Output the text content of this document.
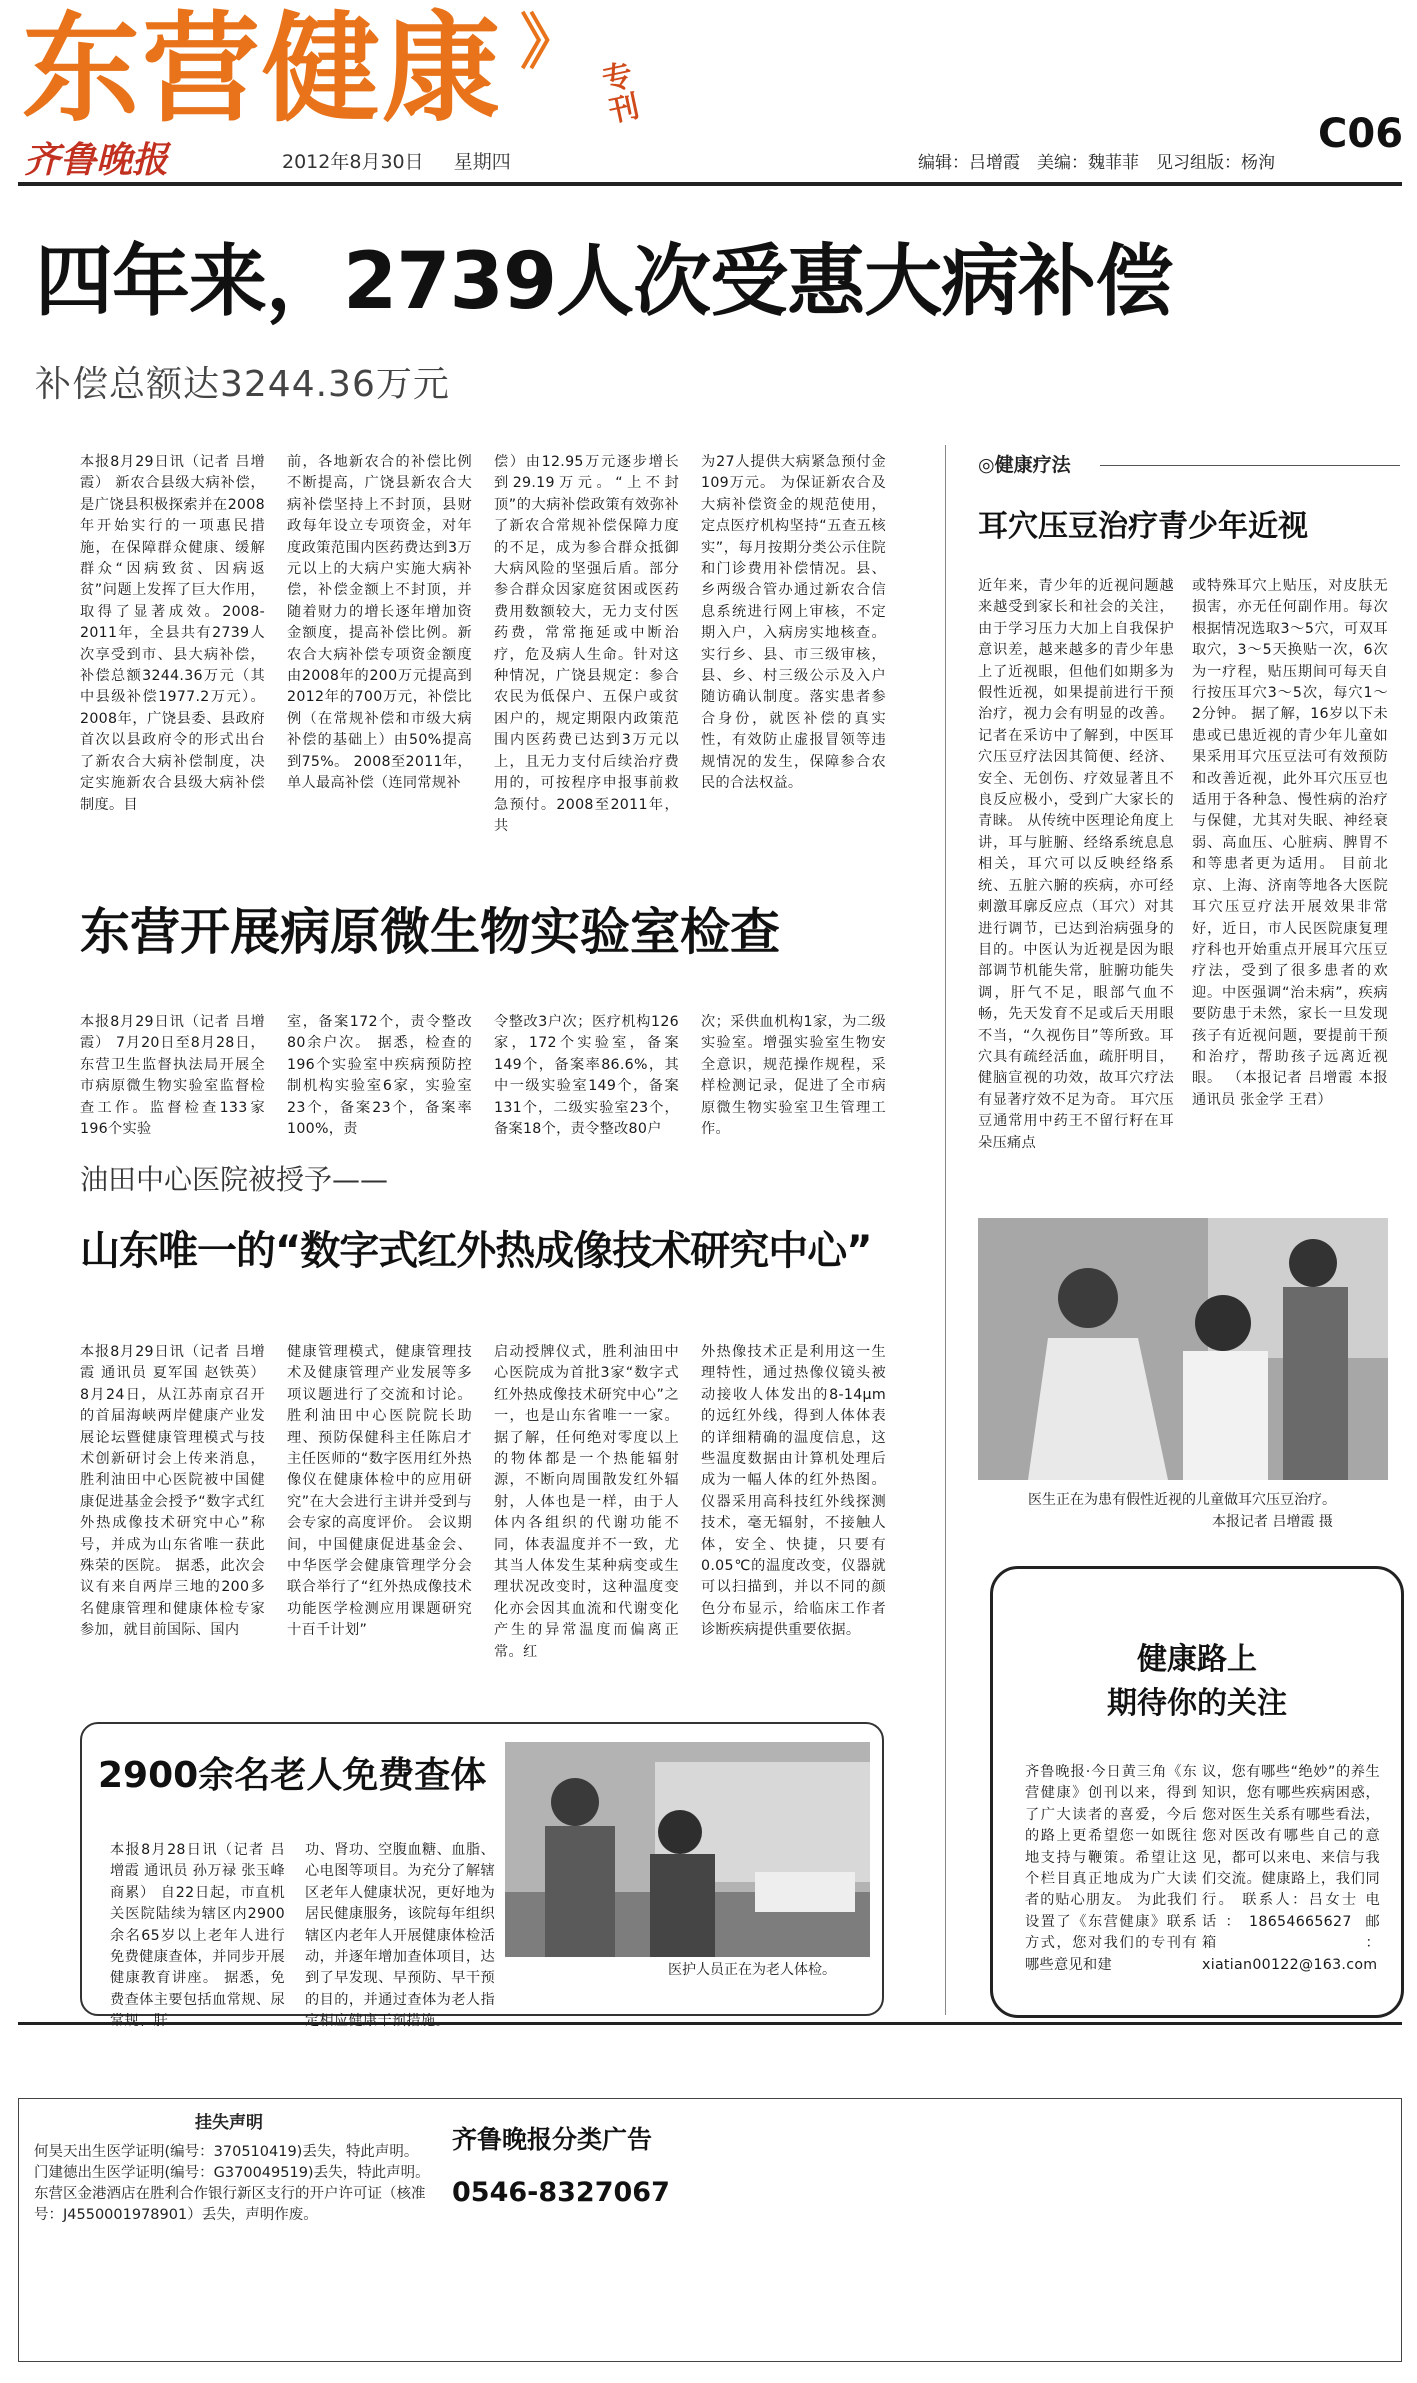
东营健康 》
专刊
齐鲁晚报	2012年8月30日 星期四	编辑：吕增霞　美编：魏菲菲　见习组版：杨洵
C06
四年来，2739人次受惠大病补偿
补偿总额达3244.36万元
本报8月29日讯（记者 吕增霞） 新农合县级大病补偿，是广饶县积极探索并在2008年开始实行的一项惠民措施，在保障群众健康、缓解群众“因病致贫、因病返贫”问题上发挥了巨大作用，取得了显著成效。2008-2011年，全县共有2739人次享受到市、县大病补偿，补偿总额3244.36万元（其中县级补偿1977.2万元）。 2008年，广饶县委、县政府首次以县政府令的形式出台了新农合大病补偿制度，决定实施新农合县级大病补偿制度。目
前，各地新农合的补偿比例不断提高，广饶县新农合大病补偿坚持上不封顶，县财政每年设立专项资金，对年度政策范围内医药费达到3万元以上的大病户实施大病补偿，补偿金额上不封顶，并随着财力的增长逐年增加资金额度，提高补偿比例。新农合大病补偿专项资金额度由2008年的200万元提高到2012年的700万元，补偿比例（在常规补偿和市级大病补偿的基础上）由50%提高到75%。 2008至2011年，单人最高补偿（连同常规补
偿）由12.95万元逐步增长到29.19万元。“上不封顶”的大病补偿政策有效弥补了新农合常规补偿保障力度的不足，成为参合群众抵御大病风险的坚强后盾。部分参合群众因家庭贫困或医药费用数额较大，无力支付医药费，常常拖延或中断治疗，危及病人生命。针对这种情况，广饶县规定：参合农民为低保户、五保户或贫困户的，规定期限内政策范围内医药费已达到3万元以上，且无力支付后续治疗费用的，可按程序申报事前救急预付。2008至2011年，共
为27人提供大病紧急预付金109万元。 为保证新农合及大病补偿资金的规范使用，定点医疗机构坚持“五查五核实”，每月按期分类公示住院和门诊费用补偿情况。县、乡两级合管办通过新农合信息系统进行网上审核，不定期入户，入病房实地核查。实行乡、县、市三级审核，县、乡、村三级公示及入户随访确认制度。落实患者参合身份，就医补偿的真实性，有效防止虚报冒领等违规情况的发生，保障参合农民的合法权益。
东营开展病原微生物实验室检查
本报8月29日讯（记者 吕增霞） 7月20日至8月28日，东营卫生监督执法局开展全市病原微生物实验室监督检查工作。监督检查133家196个实验
室，备案172个，责令整改80余户次。 据悉，检查的196个实验室中疾病预防控制机构实验室6家，实验室23个，备案23个，备案率100%，责
令整改3户次；医疗机构126家，172个实验室，备案149个，备案率86.6%，其中一级实验室149个，备案131个，二级实验室23个，备案18个，责令整改80户
次；采供血机构1家，为二级实验室。增强实验室生物安全意识，规范操作规程，采样检测记录，促进了全市病原微生物实验室卫生管理工作。
油田中心医院被授予——
山东唯一的“数字式红外热成像技术研究中心”
本报8月29日讯（记者 吕增霞 通讯员 夏军国 赵铁英） 8月24日，从江苏南京召开的首届海峡两岸健康产业发展论坛暨健康管理模式与技术创新研讨会上传来消息，胜利油田中心医院被中国健康促进基金会授予“数字式红外热成像技术研究中心”称号，并成为山东省唯一获此殊荣的医院。 据悉，此次会议有来自两岸三地的200多名健康管理和健康体检专家参加，就目前国际、国内
健康管理模式，健康管理技术及健康管理产业发展等多项议题进行了交流和讨论。胜利油田中心医院院长助理、预防保健科主任陈启才主任医师的“数字医用红外热像仪在健康体检中的应用研究”在大会进行主讲并受到与会专家的高度评价。 会议期间，中国健康促进基金会、中华医学会健康管理学分会联合举行了“红外热成像技术功能医学检测应用课题研究十百千计划”
启动授牌仪式，胜利油田中心医院成为首批3家“数字式红外热成像技术研究中心”之一，也是山东省唯一一家。 据了解，任何绝对零度以上的物体都是一个热能辐射源，不断向周围散发红外辐射，人体也是一样，由于人体内各组织的代谢功能不同，体表温度并不一致，尤其当人体发生某种病变或生理状况改变时，这种温度变化亦会因其血流和代谢变化产生的异常温度而偏离正常。红
外热像技术正是利用这一生理特性，通过热像仪镜头被动接收人体发出的8-14μm的远红外线，得到人体体表的详细精确的温度信息，这些温度数据由计算机处理后成为一幅人体的红外热图。仪器采用高科技红外线探测技术，毫无辐射，不接触人体，安全、快捷，只要有0.05℃的温度改变，仪器就可以扫描到，并以不同的颜色分布显示，给临床工作者诊断疾病提供重要依据。
2900余名老人免费查体
本报8月28日讯（记者 吕增霞 通讯员 孙万禄 张玉峰 商累） 自22日起，市直机关医院陆续为辖区内2900余名65岁以上老年人进行免费健康查体，并同步开展健康教育讲座。 据悉，免费查体主要包括血常规、尿
功、肾功、空腹血糖、血脂、心电图等项目。为充分了解辖区老年人健康状况，更好地为居民健康服务，该院每年组织辖区内老年人开展健康体检活动，并逐年增加查体项目，达到了早发现、早预防、早干预的目的，并通过查体为老人指
医护人员正在为老人体检。
◎健康疗法
耳穴压豆治疗青少年近视
近年来，青少年的近视问题越来越受到家长和社会的关注，由于学习压力大加上自我保护意识差，越来越多的青少年患上了近视眼，但他们如期多为假性近视，如果提前进行干预治疗，视力会有明显的改善。记者在采访中了解到，中医耳穴压豆疗法因其简便、经济、安全、无创伤、疗效显著且不良反应极小，受到广大家长的青睐。 从传统中医理论角度上讲，耳与脏腑、经络系统息息相关，耳穴可以反映经络系统、五脏六腑的疾病，亦可经刺激耳廓反应点（耳穴）对其进行调节，已达到治病强身的目的。中医认为近视是因为眼部调节机能失常，脏腑功能失调，肝气不足，眼部气血不畅，先天发育不足或后天用眼不当，“久视伤目”等所致。耳穴具有疏经活血，疏肝明目，健脑宣视的功效，故耳穴疗法有显著疗效不足为奇。 耳穴压豆通常用中药王不留行籽在耳朵压痛点
或特殊耳穴上贴压，对皮肤无损害，亦无任何副作用。每次根据情况选取3～5穴，可双耳取穴，3～5天换贴一次，6次为一疗程，贴压期间可每天自行按压耳穴3～5次，每穴1～2分钟。 据了解，16岁以下未患或已患近视的青少年儿童如果采用耳穴压豆法可有效预防和改善近视，此外耳穴压豆也适用于各种急、慢性病的治疗与保健，尤其对失眠、神经衰弱、高血压、心脏病、脾胃不和等患者更为适用。 目前北京、上海、济南等地各大医院耳穴压豆疗法开展效果非常好，近日，市人民医院康复理疗科也开始重点开展耳穴压豆疗法，受到了很多患者的欢迎。中医强调“治未病”，疾病要防患于未然，家长一旦发现孩子有近视问题，要提前干预和治疗，帮助孩子远离近视眼。 （本报记者 吕增霞 本报通讯员 张金学 王君）
医生正在为患有假性近视的儿童做耳穴压豆治疗。
本报记者 吕增霞 摄
健康路上
期待你的关注
齐鲁晚报·今日黄三角《东营健康》创刊以来，得到了广大读者的喜爱，今后的路上更希望您一如既往地支持与鞭策。希望让这个栏目真正地成为广大读者的贴心朋友。 为此我们设置了《东营健康》联系方式，您对我们的专刊有哪些意见和建
议，您有哪些“绝妙”的养生知识，您有哪些疾病困惑，您对医生关系有哪些看法，您对医改有哪些自己的意见，都可以来电、来信与我们交流。健康路上，我们同行。 联系人：吕女士 电话：18654665627 邮箱：xiatian00122@163.com
挂失声明
何昊天出生医学证明(编号：370510419)丢失，特此声明。
门建德出生医学证明(编号：G370049519)丢失，特此声明。
东营区金港酒店在胜利合作银行新区支行的开户许可证（核准号：J4550001978901）丢失，声明作废。
齐鲁晚报分类广告
0546-8327067
